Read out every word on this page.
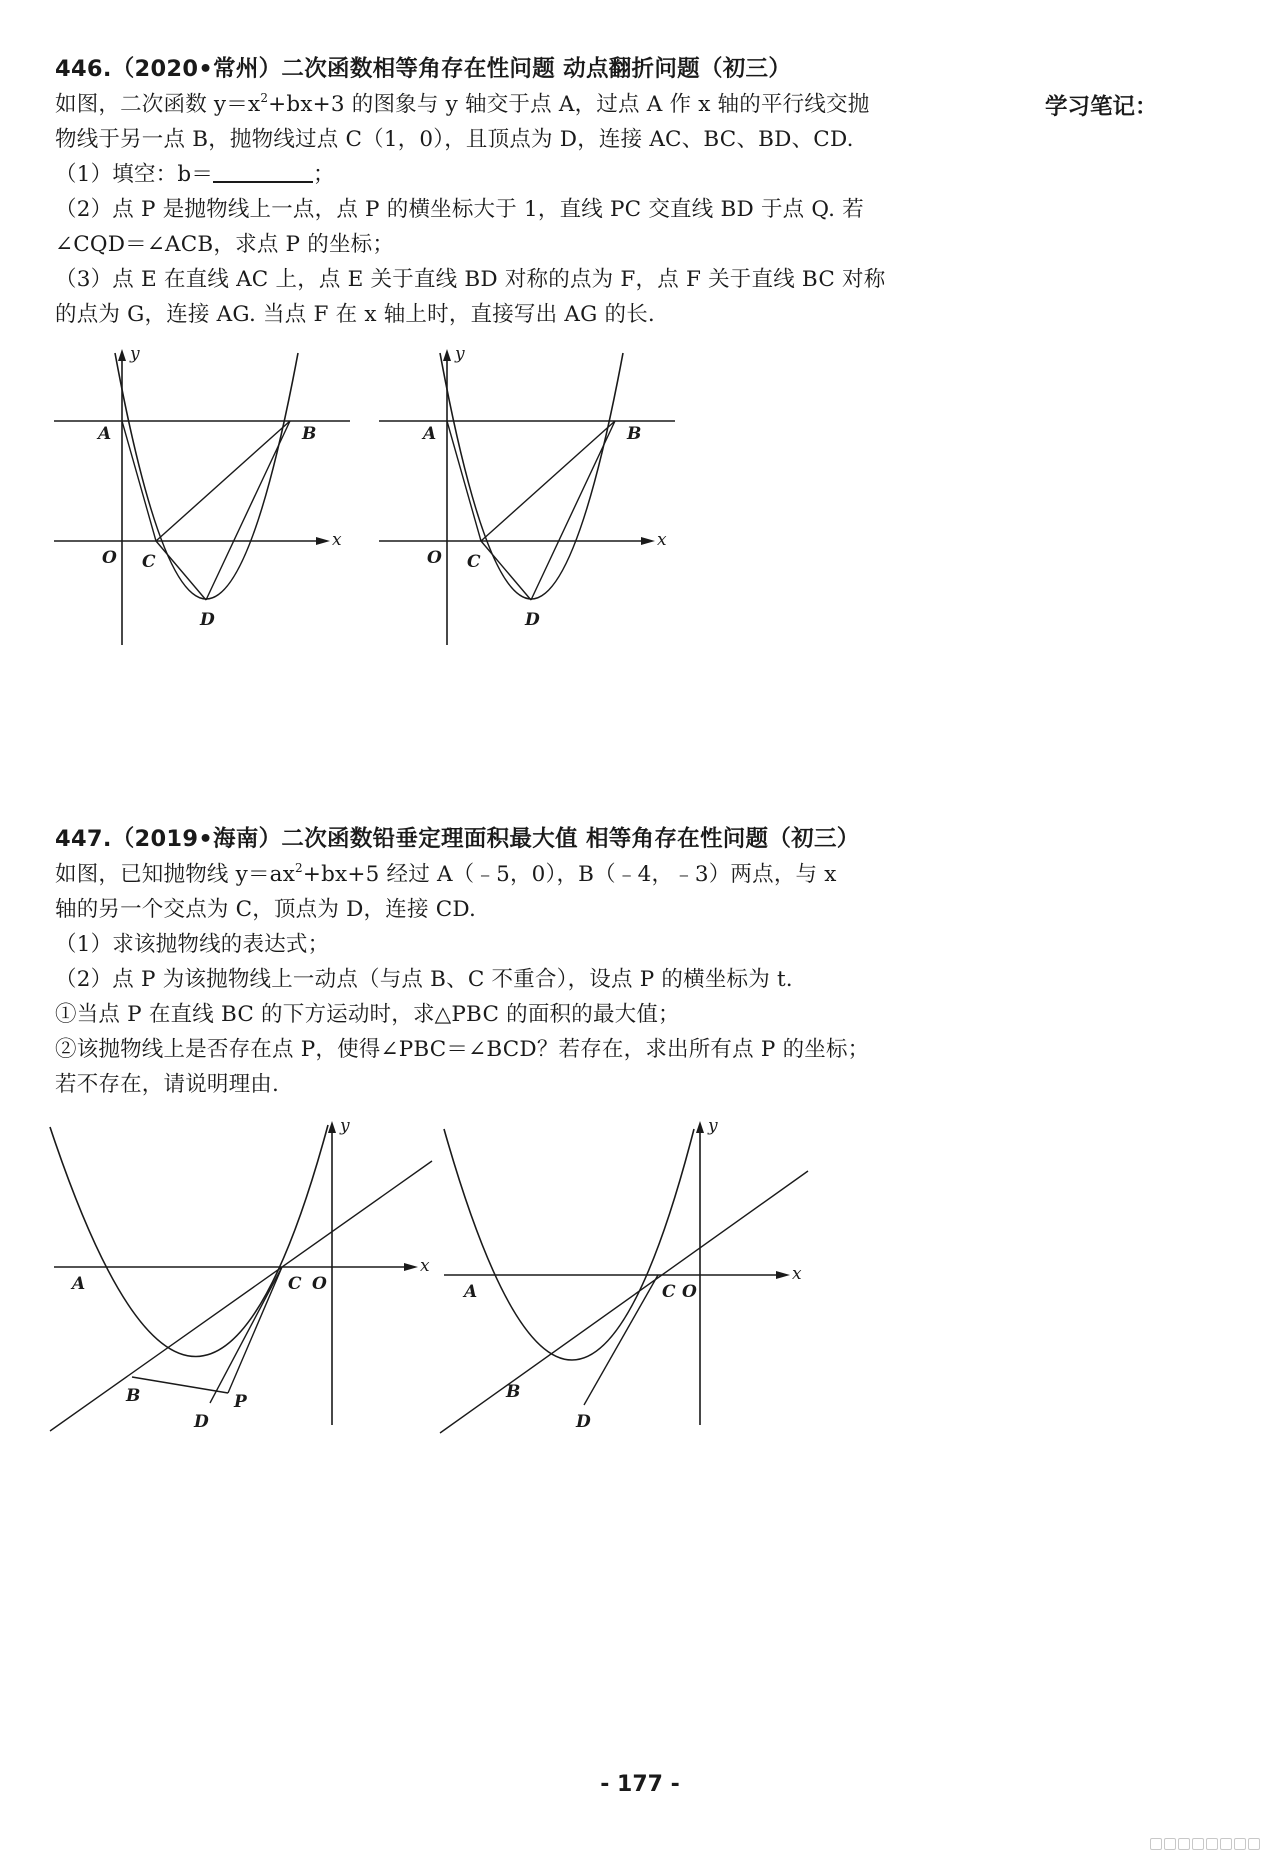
学习笔记：
446.（2020•常州）二次函数相等角存在性问题 动点翻折问题（初三）
如图，二次函数 $y=x^2+bx+3$ 的图象与 y 轴交于点 A，过点 A 作 x 轴的平行线交抛
物线于另一点 B，抛物线过点 C（1，0），且顶点为 D，连接 AC、BC、BD、CD.
（1）填空：b＝	；
（2）点 P 是抛物线上一点，点 P 的横坐标大于 1，直线 PC 交直线 BD 于点 Q. 若
∠CQD＝∠ACB，求点 P 的坐标；
（3）点 E 在直线 AC 上，点 E 关于直线 BD 对称的点为 F，点 F 关于直线 BC 对称
的点为 G，连接 AG. 当点 F 在 x 轴上时，直接写出 AG 的长.
y
x
A	B
O C
D
y
x
A	B
O C
D
447.（2019•海南）二次函数铅垂定理面积最大值 相等角存在性问题（初三）
如图，已知抛物线 $y=ax^2+bx+5$ 经过 A（﹣5，0），B（﹣4，﹣3）两点，与 x
轴的另一个交点为 C，顶点为 D，连接 CD.
（1）求该抛物线的表达式；
（2）点 P 为该抛物线上一动点（与点 B、C 不重合），设点 P 的横坐标为 t.
①当点 P 在直线 BC 的下方运动时，求△PBC 的面积的最大值；
②该抛物线上是否存在点 P，使得∠PBC＝∠BCD？若存在，求出所有点 P 的坐标；
若不存在，请说明理由.
y
x
A	C O
B
D
P
y
x
A	C O
B
D
- 177 -
